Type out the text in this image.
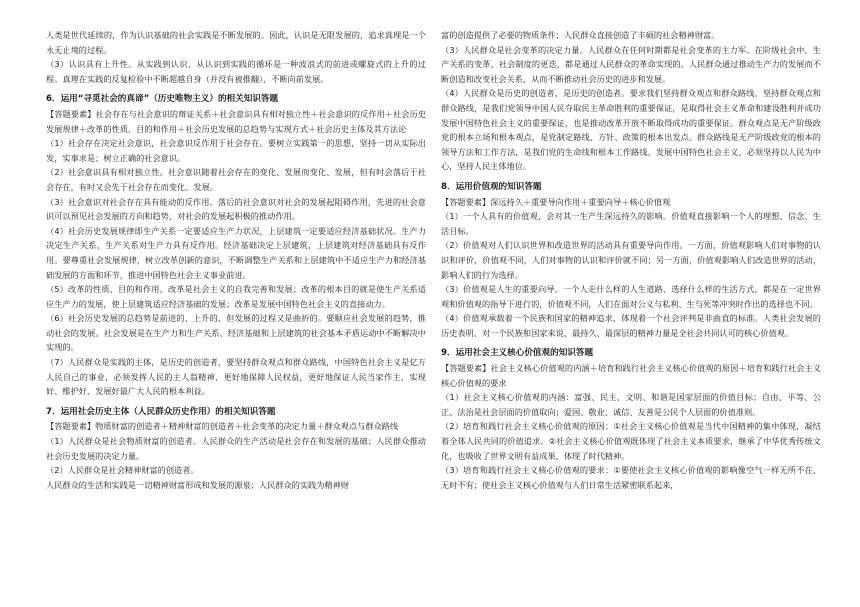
人类是世代延续的，作为认识基础的社会实践是不断发展的。因此，认识是无限发展的，追求真理是一个永无止境的过程。

（3）认识具有上升性。从实践到认识、从认识到实践的循环是一种波浪式的前进或螺旋式的上升的过程。真理在实践的反复检验中不断超越自身（并没有被推翻），不断向前发展。

6．运用“寻觅社会的真谛”（历史唯物主义）的相关知识答题

【答题要素】社会存在与社会意识的辩证关系＋社会意识具有相对独立性＋社会意识的反作用＋社会历史发展规律＋改革的性质、目的和作用＋社会历史发展的总趋势与实现方式＋社会历史主体及其方法论

（1）社会存在决定社会意识，社会意识反作用于社会存在。要树立实践第一的思想，坚持一切从实际出发，实事求是；树立正确的社会意识。

（2）社会意识具有相对独立性。社会意识随着社会存在的变化、发展而变化、发展，但有时会落后于社会存在，有时又会先于社会存在而变化、发展。

（3）社会意识对社会存在具有能动的反作用。落后的社会意识对社会的发展起阻碍作用，先进的社会意识可以预见社会发展的方向和趋势，对社会的发展起积极的推动作用。

（4）社会历史发展规律即生产关系一定要适应生产力状况，上层建筑一定要适应经济基础状况。生产力决定生产关系，生产关系对生产力具有反作用。经济基础决定上层建筑，上层建筑对经济基础具有反作用。要尊重社会发展规律，树立改革创新的意识，不断调整生产关系和上层建筑中不适应生产力和经济基础发展的方面和环节，推进中国特色社会主义事业前进。

（5）改革的性质、目的和作用。改革是社会主义的自我完善和发展；改革的根本目的就是使生产关系适应生产力的发展，使上层建筑适应经济基础的发展；改革是发展中国特色社会主义的直接动力。

（6）社会历史发展的总趋势是前进的、上升的，但发展的过程又是曲折的。要顺应社会发展的趋势，推动社会的发展。社会发展是在生产力和生产关系、经济基础和上层建筑的社会基本矛盾运动中不断解决中实现的。

（7）人民群众是实践的主体，是历史的创造者，要坚持群众观点和群众路线，中国特色社会主义是亿万人民自己的事业，必须发挥人民的主人翁精神，更好地保障人民权益，更好地保证人民当家作主，实现好、维护好、发展好最广大人民的根本利益。

7．运用社会历史主体（人民群众历史作用）的相关知识答题

【答题要素】物质财富的创造者＋精神财富的创造者＋社会变革的决定力量＋群众观点与群众路线

（1）人民群众是社会物质财富的创造者。人民群众的生产活动是社会存在和发展的基础；人民群众推动社会历史发展的决定力量。

（2）人民群众是社会精神财富的创造者。

人民群众的生活和实践是一切精神财富形成和发展的源泉；人民群众的实践为精神财

富的创造提供了必要的物质条件；人民群众直接创造了丰硕的社会精神财富。

（3）人民群众是社会变革的决定力量。人民群众在任何时期都是社会变革的主力军。在阶级社会中，生产关系的变革、社会制度的更迭，都是通过人民群众的革命实现的。人民群众通过推动生产力的发展而不断创造和改变社会关系，从而不断推动社会历史的进步和发展。

（4）人民群众是历史的创造者，是历史的创造者。要求我们坚持群众观点和群众路线。坚持群众观点和群众路线，是我们党领导中国人民夺取民主革命胜利的重要保证，是取得社会主义革命和建设胜利并成功发展中国特色社会主义的重要保证，也是推动改革开放不断取得成功的重要保证。群众观点是无产阶级政党的根本立场和根本观点，是党制定路线、方针、政策的根本出发点。群众路线是无产阶级政党的根本的领导方法和工作方法，是我们党的生命线和根本工作路线。发展中国特色社会主义，必须坚持以人民为中心，坚持人民主体地位。

8．运用价值观的知识答题

【答题要素】深远持久＋重要导向作用＋重要向导＋核心价值观

（1）一个人具有的价值观，会对其一生产生深远持久的影响。价值观直接影响一个人的理想、信念、生活目标。

（2）价值观对人们认识世界和改造世界的活动具有重要导向作用。一方面，价值观影响人们对事物的认识和评价，价值观不同，人们对事物的认识和评价就不同；另一方面，价值观影响人们改造世界的活动，影响人们的行为选择。

（3）价值观是人生的重要向导。一个人走什么样的人生道路、选择什么样的生活方式，都是在一定世界观和价值观的指导下进行的，价值观不同，人们在面对公义与私利、生与死等冲突时作出的选择也不同。

（4）价值观承载着一个民族和国家的精神追求，体现着一个社会评判是非曲直的标准。人类社会发展的历史表明，对一个民族和国家来说，最持久、最深层的精神力量是全社会共同认可的核心价值观。

9．运用社会主义核心价值观的知识答题

【答题要素】社会主义核心价值观的内涵＋培育和践行社会主义核心价值观的原因＋培育和践行社会主义核心价值观的要求

（1）社会主义核心价值观的内涵：富强、民主、文明、和谐是国家层面的价值目标；自由、平等、公正、法治是社会层面的价值取向；爱国、敬业、诚信、友善是公民个人层面的价值准则。

（2）培育和践行社会主义核心价值观的原因：①社会主义核心价值观是当代中国精神的集中体现，凝结着全体人民共同的价值追求。②社会主义核心价值观既体现了社会主义本质要求，继承了中华优秀传统文化，也吸收了世界文明有益成果，体现了时代精神。

（3）培育和践行社会主义核心价值观的要求：①要使社会主义核心价值观的影响像空气一样无所不在、无时不有；使社会主义核心价值观与人们日常生活紧密联系起来，
